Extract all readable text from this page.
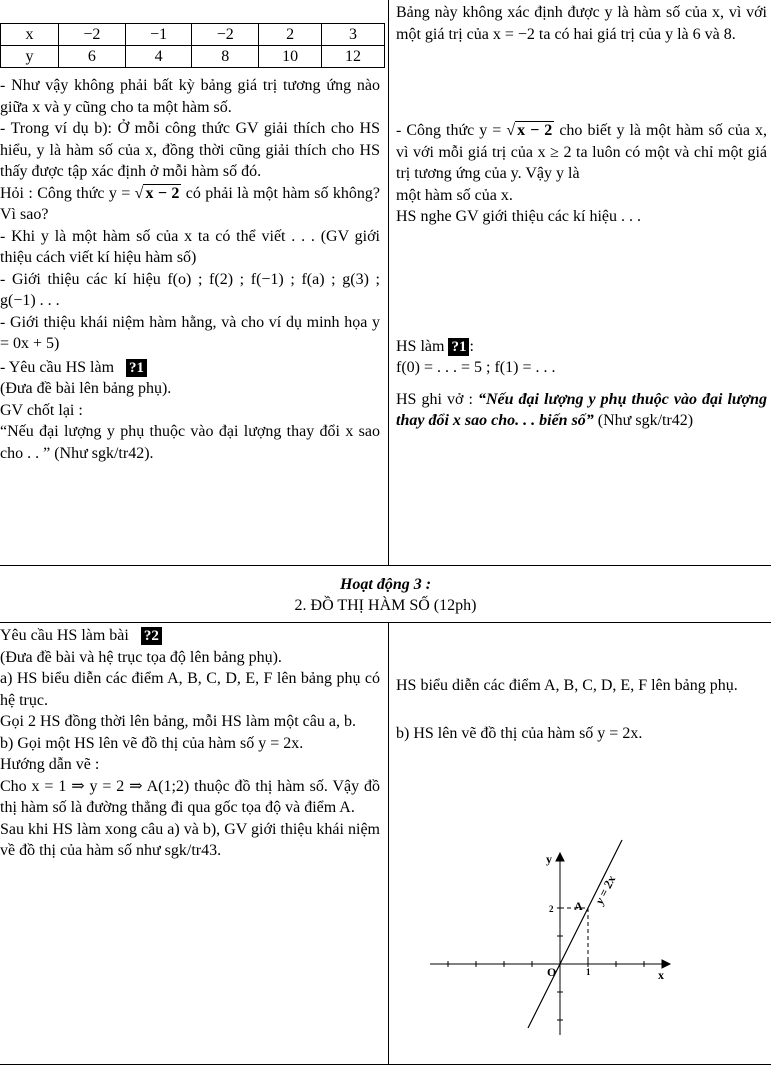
x	−2	−1	−2	2	3
y	6	4	8	10	12

- Như vậy không phải bất kỳ bảng giá trị tương ứng nào giữa x và y cũng cho ta một hàm số.

- Trong ví dụ b): Ở mỗi công thức GV giải thích cho HS hiểu, y là hàm số của x, đồng thời cũng giải thích cho HS thấy được tập xác định ở mỗi hàm số đó.

Hỏi : Công thức y = √ x − 2 có phải là một hàm số không? Vì sao?

- Khi y là một hàm số của x ta có thể viết . . . (GV giới thiệu cách viết kí hiệu hàm số)

- Giới thiệu các kí hiệu f(o) ; f(2) ; f(−1) ; f(a) ; g(3) ; g(−1) . . .

- Giới thiệu khái niệm hàm hằng, và cho ví dụ minh họa y = 0x + 5)

- Yêu cầu HS làm   ?1

(Đưa đề bài lên bảng phụ).

GV chốt lại :

“Nếu đại lượng y phụ thuộc vào đại lượng thay đổi x sao cho . . ” (Như sgk/tr42).

Bảng này không xác định được y là hàm số của x, vì với một giá trị của x = −2 ta có hai giá trị của y là 6 và 8.

- Công thức y = √ x − 2 cho biết y là một hàm số của x, vì với mỗi giá trị của x ≥ 2 ta luôn có một và chỉ một giá trị tương ứng của y. Vậy y là

một hàm số của x.

HS nghe GV giới thiệu các kí hiệu . . .

HS làm ?1 :

f(0) = . . . = 5 ; f(1) = . . .

HS ghi vở : “Nếu đại lượng y phụ thuộc vào đại lượng thay đổi x sao cho. . . biến số” (Như sgk/tr42)

Hoạt động 3 :
2. ĐỒ THỊ HÀM SỐ (12ph)

Yêu cầu HS làm bài   ?2

(Đưa đề bài và hệ trục tọa độ lên bảng phụ).

a) HS biểu diễn các điểm A, B, C, D, E, F lên bảng phụ có hệ trục.

Gọi 2 HS đồng thời lên bảng, mỗi HS làm một câu a, b.

b) Gọi một HS lên vẽ đồ thị của hàm số y = 2x.

Hướng dẫn vẽ :

Cho x = 1 ⇒ y = 2 ⇒ A(1;2) thuộc đồ thị hàm số. Vậy đồ thị hàm số là đường thẳng đi qua gốc tọa độ và điểm A.

Sau khi HS làm xong câu a) và b), GV giới thiệu khái niệm về đồ thị của hàm số như sgk/tr43.

HS biểu diễn các điểm A, B, C, D, E, F lên bảng phụ.

b) HS lên vẽ đồ thị của hàm số y = 2x.

y
x
O
A
1
2
y = 2x
